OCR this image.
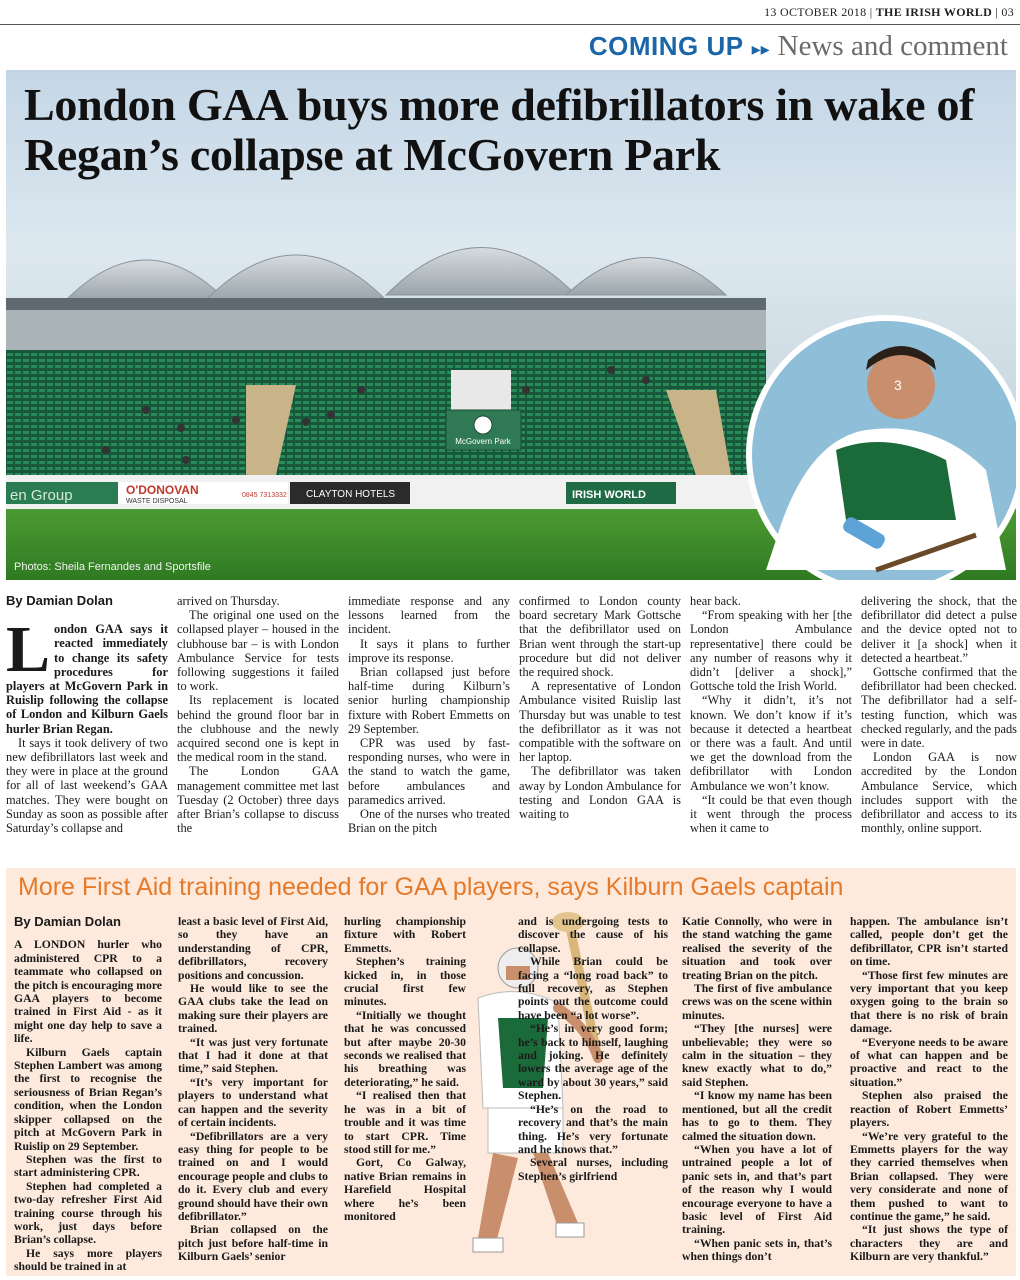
13 OCTOBER 2018 | THE IRISH WORLD | 03
COMING UP ▸▸ News and comment
McGovern Park
en Group	O'DONOVAN
WASTE DISPOSAL
0845 7313332 CLAYTON HOTELS	IRISH WORLD
3
London GAA buys more defibrillators in wake of Regan’s collapse at McGovern Park
Photos: Sheila Fernandes and Sportsfile

By Damian Dolan

London GAA says it reacted immediately to change its safety procedures for players at McGovern Park in Ruislip following the collapse of London and Kilburn Gaels hurler Brian Regan.

It says it took delivery of two new defibrillators last week and they were in place at the ground for all of last weekend’s GAA matches. They were bought on Sunday as soon as possible after Saturday’s collapse and

arrived on Thursday.

The original one used on the collapsed player – housed in the clubhouse bar – is with London Ambulance Service for tests following suggestions it failed to work.

Its replacement is located behind the ground floor bar in the clubhouse and the newly acquired second one is kept in the medical room in the stand.

The London GAA management committee met last Tuesday (2 October) three days after Brian’s collapse to discuss the

immediate response and any lessons learned from the incident.

It says it plans to further improve its response.

Brian collapsed just before half-time during Kilburn’s senior hurling championship fixture with Robert Emmetts on 29 September.

CPR was used by fast-responding nurses, who were in the stand to watch the game, before ambulances and paramedics arrived.

One of the nurses who treated Brian on the pitch

confirmed to London county board secretary Mark Gottsche that the defibrillator used on Brian went through the start-up procedure but did not deliver the required shock.

A representative of London Ambulance visited Ruislip last Thursday but was unable to test the defibrillator as it was not compatible with the software on her laptop.

The defibrillator was taken away by London Ambulance for testing and London GAA is waiting to

hear back.

“From speaking with her [the London Ambulance representative] there could be any number of reasons why it didn’t [deliver a shock],” Gottsche told the Irish World.

“Why it didn’t, it’s not known. We don’t know if it’s because it detected a heartbeat or there was a fault. And until we get the download from the defibrillator with London Ambulance we won’t know.

“It could be that even though it went through the process when it came to

delivering the shock, that the defibrillator did detect a pulse and the device opted not to deliver it [a shock] when it detected a heartbeat.”

Gottsche confirmed that the defibrillator had been checked. The defibrillator had a self-testing function, which was checked regularly, and the pads were in date.

London GAA is now accredited by the London Ambulance Service, which includes support with the defibrillator and access to its monthly, online support.

More First Aid training needed for GAA players, says Kilburn Gaels captain

By Damian Dolan

A LONDON hurler who administered CPR to a teammate who collapsed on the pitch is encouraging more GAA players to become trained in First Aid - as it might one day help to save a life.

Kilburn Gaels captain Stephen Lambert was among the first to recognise the seriousness of Brian Regan’s condition, when the London skipper collapsed on the pitch at McGovern Park in Ruislip on 29 September.

Stephen was the first to start administering CPR.

Stephen had completed a two-day refresher First Aid training course through his work, just days before Brian’s collapse.

He says more players should be trained in at

least a basic level of First Aid, so they have an understanding of CPR, defibrillators, recovery positions and concussion.

He would like to see the GAA clubs take the lead on making sure their players are trained.

“It was just very fortunate that I had it done at that time,” said Stephen.

“It’s very important for players to understand what can happen and the severity of certain incidents.

“Defibrillators are a very easy thing for people to be trained on and I would encourage people and clubs to do it. Every club and every ground should have their own defibrillator.”

Brian collapsed on the pitch just before half-time in Kilburn Gaels’ senior

hurling championship fixture with Robert Emmetts.

Stephen’s training kicked in, in those crucial first few minutes.

“Initially we thought that he was concussed but after maybe 20-30 seconds we realised that his breathing was deteriorating,” he said.

“I realised then that he was in a bit of trouble and it was time to start CPR. Time stood still for me.”

Gort, Co Galway, native Brian remains in Harefield Hospital where he’s been monitored

and is undergoing tests to discover the cause of his collapse.

While Brian could be facing a “long road back” to full recovery, as Stephen points out the outcome could have been “a lot worse”.

“He’s in very good form; he’s back to himself, laughing and joking. He definitely lowers the average age of the ward by about 30 years,” said Stephen.

“He’s on the road to recovery and that’s the main thing. He’s very fortunate and he knows that.”

Several nurses, including Stephen’s girlfriend

Katie Connolly, who were in the stand watching the game realised the severity of the situation and took over treating Brian on the pitch.

The first of five ambulance crews was on the scene within minutes.

“They [the nurses] were unbelievable; they were so calm in the situation – they knew exactly what to do,” said Stephen.

“I know my name has been mentioned, but all the credit has to go to them. They calmed the situation down.

“When you have a lot of untrained people a lot of panic sets in, and that’s part of the reason why I would encourage everyone to have a basic level of First Aid training.

“When panic sets in, that’s when things don’t

happen. The ambulance isn’t called, people don’t get the defibrillator, CPR isn’t started on time.

“Those first few minutes are very important that you keep oxygen going to the brain so that there is no risk of brain damage.

“Everyone needs to be aware of what can happen and be proactive and react to the situation.”

Stephen also praised the reaction of Robert Emmetts’ players.

“We’re very grateful to the Emmetts players for the way they carried themselves when Brian collapsed. They were very considerate and none of them pushed to want to continue the game,” he said.

“It just shows the type of characters they are and Kilburn are very thankful.”
